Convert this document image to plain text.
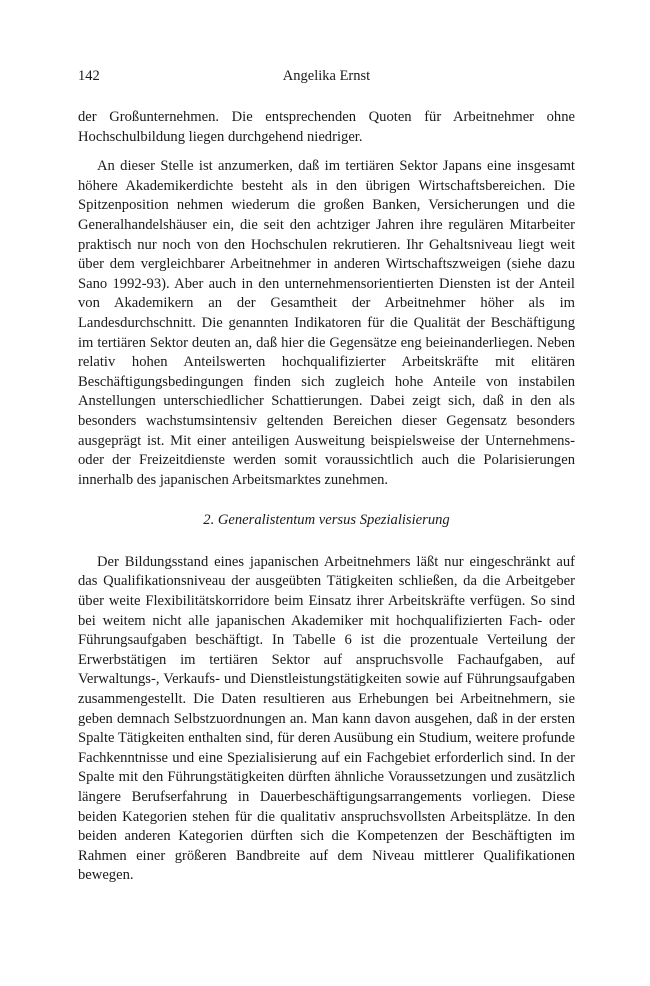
142	Angelika Ernst

der Großunternehmen. Die entsprechenden Quoten für Arbeitnehmer ohne Hochschulbildung liegen durchgehend niedriger.

An dieser Stelle ist anzumerken, daß im tertiären Sektor Japans eine insgesamt höhere Akademikerdichte besteht als in den übrigen Wirtschaftsbereichen. Die Spitzenposition nehmen wiederum die großen Banken, Versicherungen und die Generalhandelshäuser ein, die seit den achtziger Jahren ihre regulären Mitarbeiter praktisch nur noch von den Hochschulen rekrutieren. Ihr Gehaltsniveau liegt weit über dem vergleichbarer Arbeitnehmer in anderen Wirtschaftszweigen (siehe dazu Sano 1992-93). Aber auch in den unternehmensorientierten Diensten ist der Anteil von Akademikern an der Gesamtheit der Arbeitnehmer höher als im Landesdurchschnitt. Die genannten Indikatoren für die Qualität der Beschäftigung im tertiären Sektor deuten an, daß hier die Gegensätze eng beieinanderliegen. Neben relativ hohen Anteilswerten hochqualifizierter Arbeitskräfte mit elitären Beschäftigungsbedingungen finden sich zugleich hohe Anteile von instabilen Anstellungen unterschiedlicher Schattierungen. Dabei zeigt sich, daß in den als besonders wachstumsintensiv geltenden Bereichen dieser Gegensatz besonders ausgeprägt ist. Mit einer anteiligen Ausweitung beispielsweise der Unternehmens- oder der Freizeitdienste werden somit voraussichtlich auch die Polarisierungen innerhalb des japanischen Arbeitsmarktes zunehmen.

2. Generalistentum versus Spezialisierung

Der Bildungsstand eines japanischen Arbeitnehmers läßt nur eingeschränkt auf das Qualifikationsniveau der ausgeübten Tätigkeiten schließen, da die Arbeitgeber über weite Flexibilitätskorridore beim Einsatz ihrer Arbeitskräfte verfügen. So sind bei weitem nicht alle japanischen Akademiker mit hochqualifizierten Fach- oder Führungsaufgaben beschäftigt. In Tabelle 6 ist die prozentuale Verteilung der Erwerbstätigen im tertiären Sektor auf anspruchsvolle Fachaufgaben, auf Verwaltungs-, Verkaufs- und Dienstleistungstätigkeiten sowie auf Führungsaufgaben zusammengestellt. Die Daten resultieren aus Erhebungen bei Arbeitnehmern, sie geben demnach Selbstzuordnungen an. Man kann davon ausgehen, daß in der ersten Spalte Tätigkeiten enthalten sind, für deren Ausübung ein Studium, weitere profunde Fachkenntnisse und eine Spezialisierung auf ein Fachgebiet erforderlich sind. In der Spalte mit den Führungstätigkeiten dürften ähnliche Voraussetzungen und zusätzlich längere Berufserfahrung in Dauerbeschäftigungsarrangements vorliegen. Diese beiden Kategorien stehen für die qualitativ anspruchsvollsten Arbeitsplätze. In den beiden anderen Kategorien dürften sich die Kompetenzen der Beschäftigten im Rahmen einer größeren Bandbreite auf dem Niveau mittlerer Qualifikationen bewegen.
